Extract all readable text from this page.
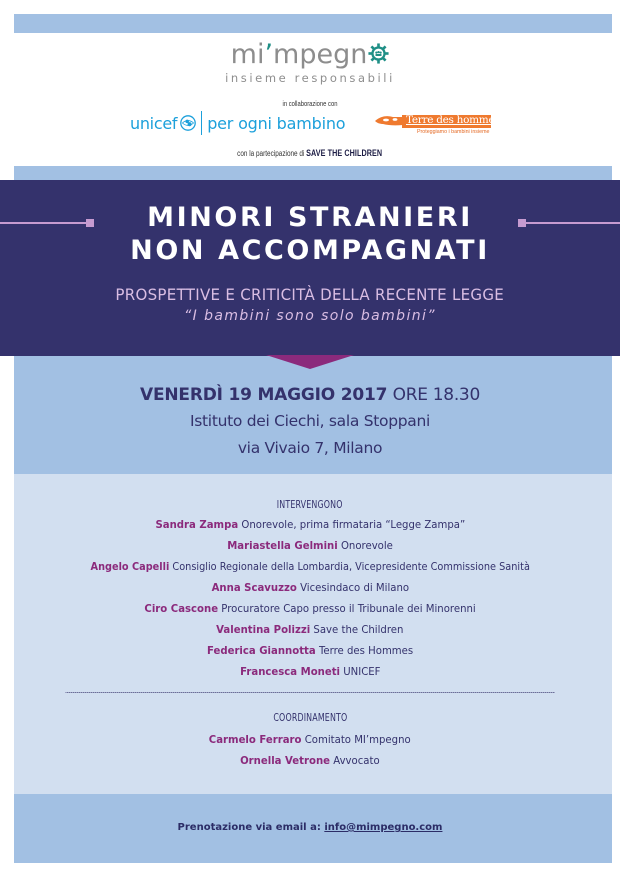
mi’mpegn
insieme responsabili
in collaborazione con
unicef per ogni bambino	Terre des hommes
Proteggiamo i bambini insieme
con la partecipazione di SAVE THE CHILDREN
MINORI STRANIERI
NON ACCOMPAGNATI
PROSPETTIVE E CRITICITÀ DELLA RECENTE LEGGE
“I bambini sono solo bambini”
VENERDÌ 19 MAGGIO 2017 ORE 18.30
Istituto dei Ciechi, sala Stoppani
via Vivaio 7, Milano
INTERVENGONO
Sandra Zampa Onorevole, prima firmataria “Legge Zampa”
Mariastella Gelmini Onorevole
Angelo Capelli Consiglio Regionale della Lombardia, Vicepresidente Commissione Sanità
Anna Scavuzzo Vicesindaco di Milano
Ciro Cascone Procuratore Capo presso il Tribunale dei Minorenni
Valentina Polizzi Save the Children
Federica Giannotta Terre des Hommes
Francesca Moneti UNICEF
COORDINAMENTO
Carmelo Ferraro Comitato MI’mpegno
Ornella Vetrone Avvocato
Prenotazione via email a: info@mimpegno.com
